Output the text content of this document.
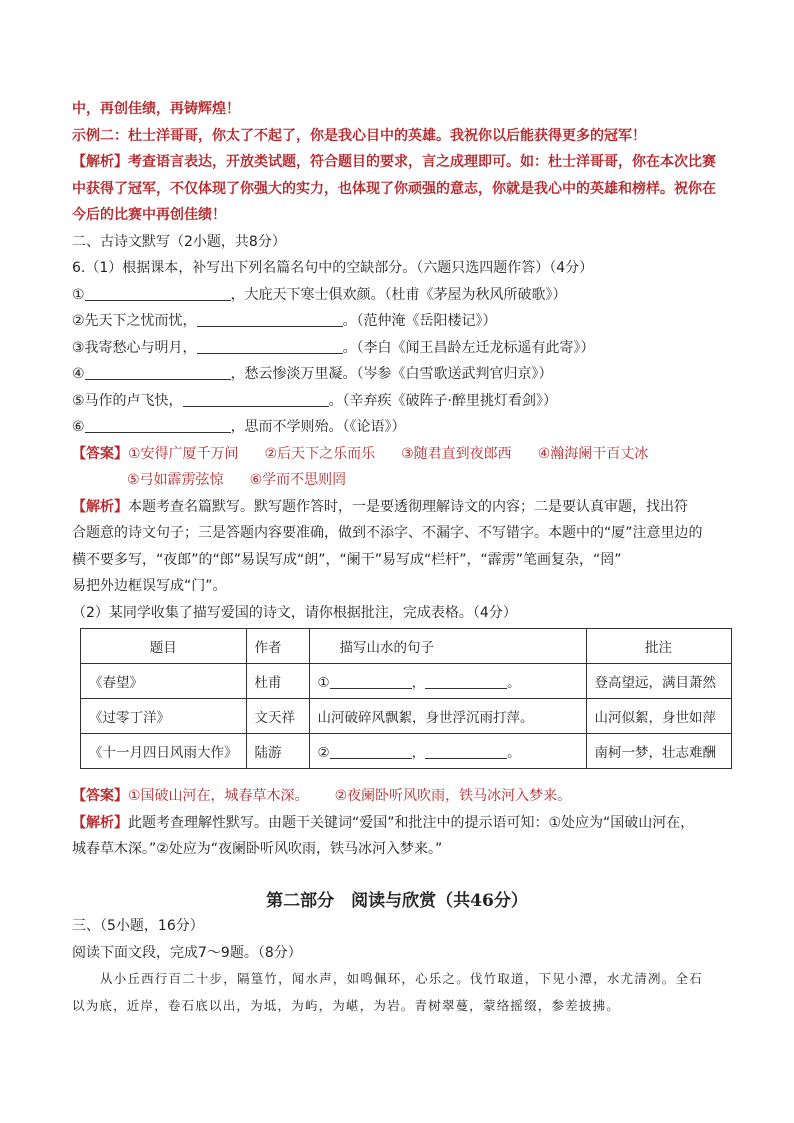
中，再创佳绩，再铸辉煌！
示例二：杜士洋哥哥，你太了不起了，你是我心目中的英雄。我祝你以后能获得更多的冠军！
【解析】考查语言表达，开放类试题，符合题目的要求，言之成理即可。如：杜士洋哥哥，你在本次比赛
中获得了冠军，不仅体现了你强大的实力，也体现了你顽强的意志，你就是我心中的英雄和榜样。祝你在
今后的比赛中再创佳绩！
二、古诗文默写（2小题，共8分）
6.（1）根据课本，补写出下列名篇名句中的空缺部分。（六题只选四题作答）（4分）
①	，大庇天下寒士俱欢颜。（杜甫《茅屋为秋风所破歌》）
②先天下之忧而忧，	。（范仲淹《岳阳楼记》）
③我寄愁心与明月，	。（李白《闻王昌龄左迁龙标遥有此寄》）
④	，愁云惨淡万里凝。（岑参《白雪歌送武判官归京》）
⑤马作的卢飞快，	。（辛弃疾《破阵子·醉里挑灯看剑》）
⑥	，思而不学则殆。（《论语》）
【答案】①安得广厦千万间 ②后天下之乐而乐 ③随君直到夜郎西 ④瀚海阑干百丈冰
⑤弓如霹雳弦惊 ⑥学而不思则罔
【解析】本题考查名篇默写。默写题作答时，一是要透彻理解诗文的内容；二是要认真审题，找出符
合题意的诗文句子；三是答题内容要准确，做到不添字、不漏字、不写错字。本题中的“厦”注意里边的
横不要多写，“夜郎”的“郎”易误写成“朗”，“阑干”易写成“栏杆”，“霹雳”笔画复杂，“罔”
易把外边框误写成“门”。
（2）某同学收集了描写爱国的诗文，请你根据批注，完成表格。（4分）
题目	作者	描写山水的句子	批注
《春望》	杜甫	① ， 。	登高望远，满目萧然
《过零丁洋》	文天祥	山河破碎风飘絮，身世浮沉雨打萍。	山河似絮，身世如萍
《十一月四日风雨大作》	陆游	② ， 。	南柯一梦，壮志难酬
【答案】①国破山河在，城春草木深。 ②夜阑卧听风吹雨，铁马冰河入梦来。
【解析】此题考查理解性默写。由题干关键词“爱国”和批注中的提示语可知：①处应为“国破山河在，
城春草木深。”②处应为“夜阑卧听风吹雨，铁马冰河入梦来。”
第二部分　阅读与欣赏（共46分）
三、（5小题，16分）
阅读下面文段，完成7～9题。（8分）
从小丘西行百二十步，隔篁竹，闻水声，如鸣佩环，心乐之。伐竹取道，下见小潭，水尤清冽。全石
以为底，近岸，卷石底以出，为坻，为屿，为嵁，为岩。青树翠蔓，蒙络摇缀，参差披拂。
